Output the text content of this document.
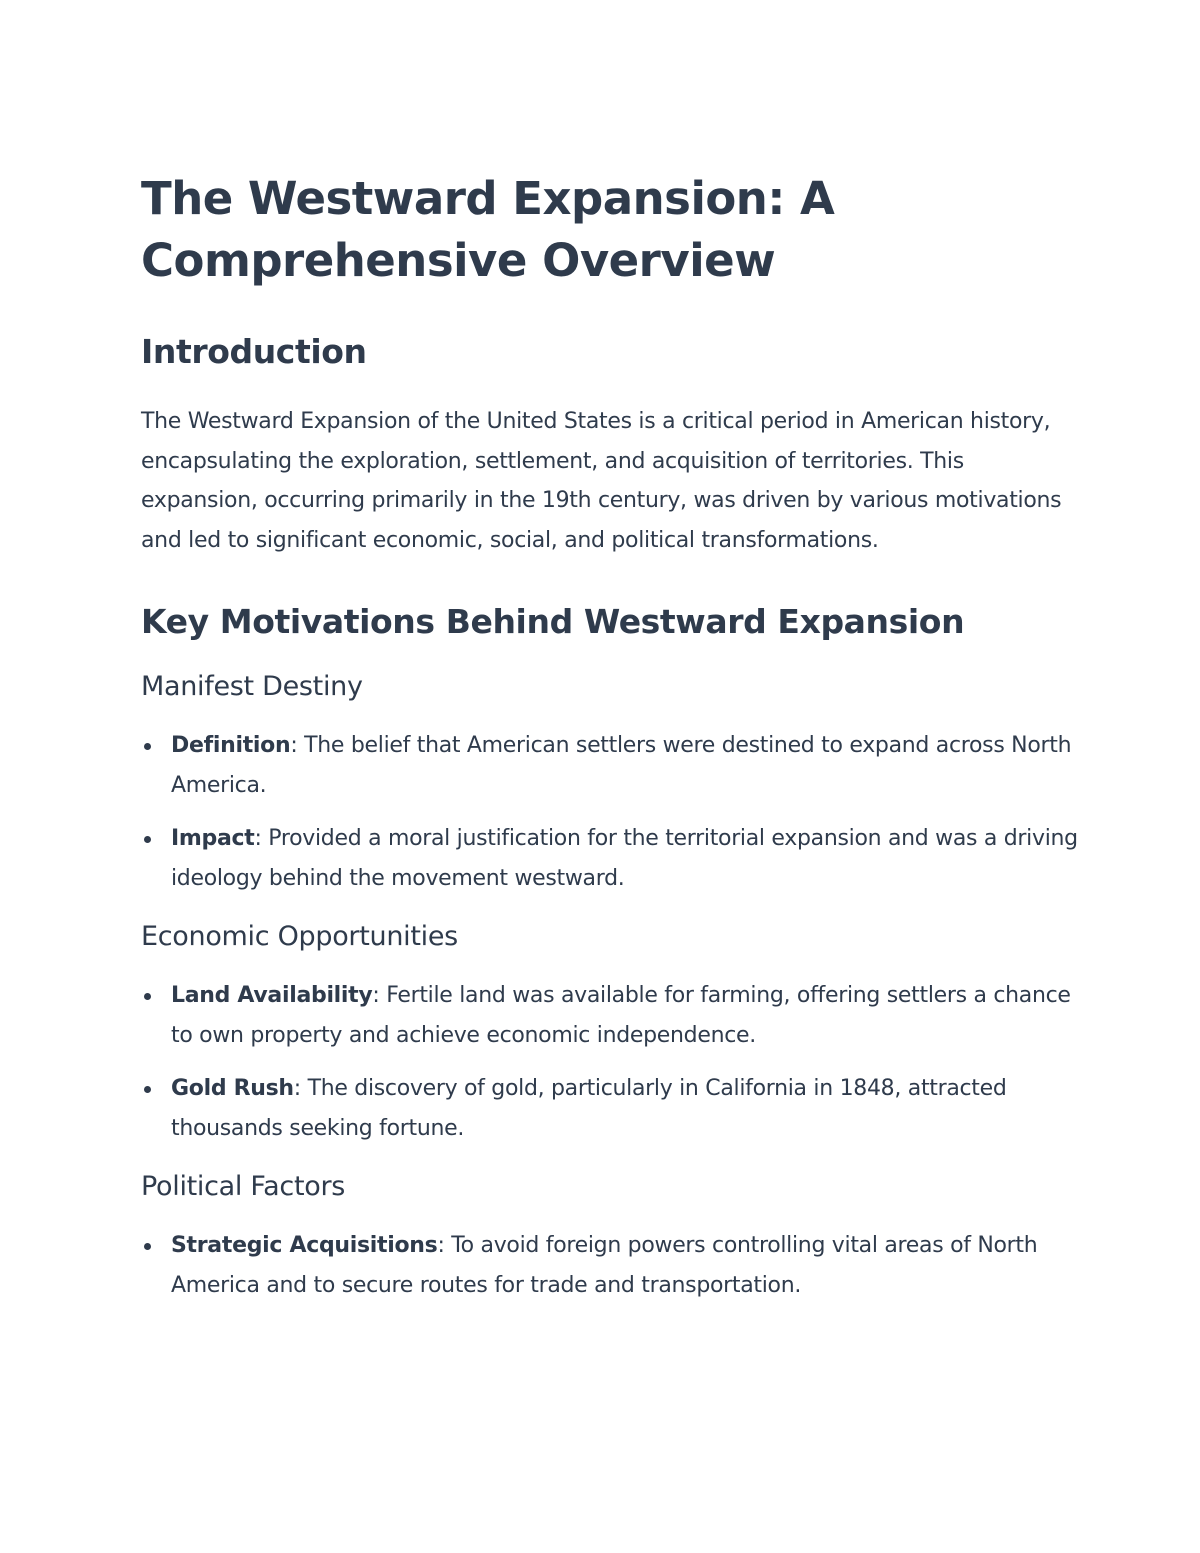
The Westward Expansion: A Comprehensive Overview
Introduction

The Westward Expansion of the United States is a critical period in American history, encapsulating the exploration, settlement, and acquisition of territories. This expansion, occurring primarily in the 19th century, was driven by various motivations and led to significant economic, social, and political transformations.

Key Motivations Behind Westward Expansion
Manifest Destiny
Definition: The belief that American settlers were destined to expand across North America.
Impact: Provided a moral justification for the territorial expansion and was a driving ideology behind the movement westward.
Economic Opportunities
Land Availability: Fertile land was available for farming, offering settlers a chance to own property and achieve economic independence.
Gold Rush: The discovery of gold, particularly in California in 1848, attracted thousands seeking fortune.
Political Factors
Strategic Acquisitions: To avoid foreign powers controlling vital areas of North America and to secure routes for trade and transportation.
